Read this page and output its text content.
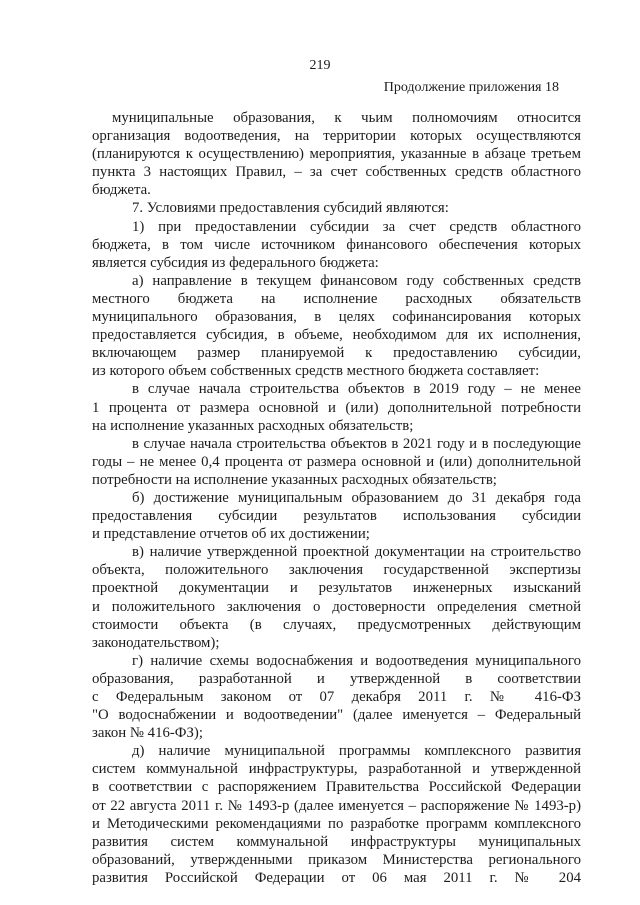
219
Продолжение приложения 18
муниципальные образования, к чьим полномочиям относится
организация водоотведения, на территории которых осуществляются
(планируются к осуществлению) мероприятия, указанные в абзаце третьем
пункта 3 настоящих Правил, – за счет собственных средств областного
бюджета.
7. Условиями предоставления субсидий являются:
1) при предоставлении субсидии за счет средств областного
бюджета, в том числе источником финансового обеспечения которых
является субсидия из федерального бюджета:
а) направление в текущем финансовом году собственных средств
местного бюджета на исполнение расходных обязательств
муниципального образования, в целях софинансирования которых
предоставляется субсидия, в объеме, необходимом для их исполнения,
включающем размер планируемой к предоставлению субсидии,
из которого объем собственных средств местного бюджета составляет:
в случае начала строительства объектов в 2019 году – не менее
1 процента от размера основной и (или) дополнительной потребности
на исполнение указанных расходных обязательств;
в случае начала строительства объектов в 2021 году и в последующие
годы – не менее 0,4 процента от размера основной и (или) дополнительной
потребности на исполнение указанных расходных обязательств;
б) достижение муниципальным образованием до 31 декабря года
предоставления субсидии результатов использования субсидии
и представление отчетов об их достижении;
в) наличие утвержденной проектной документации на строительство
объекта, положительного заключения государственной экспертизы
проектной документации и результатов инженерных изысканий
и положительного заключения о достоверности определения сметной
стоимости объекта (в случаях, предусмотренных действующим
законодательством);
г) наличие схемы водоснабжения и водоотведения муниципального
образования, разработанной и утвержденной в соответствии
с Федеральным законом от 07 декабря 2011 г. № 416-ФЗ
"О водоснабжении и водоотведении" (далее именуется – Федеральный
закон № 416-ФЗ);
д) наличие муниципальной программы комплексного развития
систем коммунальной инфраструктуры, разработанной и утвержденной
в соответствии с распоряжением Правительства Российской Федерации
от 22 августа 2011 г. № 1493-р (далее именуется – распоряжение № 1493-р)
и Методическими рекомендациями по разработке программ комплексного
развития систем коммунальной инфраструктуры муниципальных
образований, утвержденными приказом Министерства регионального
развития Российской Федерации от 06 мая 2011 г. № 204
